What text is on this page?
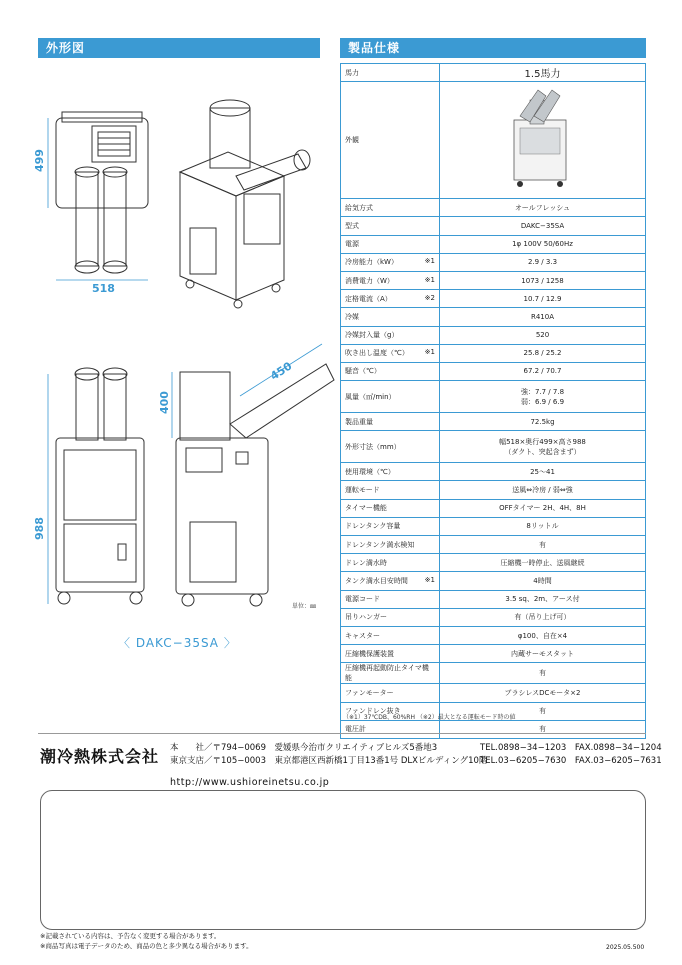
外形図	製品仕様
499
518
988
400
450
単位：㎜
〈 DAKC−35SA 〉
馬力	1.5馬力

外観	

給気方式	オールフレッシュ

型式	DAKC−35SA

電源	1φ 100V 50/60Hz

冷房能力（kW） ※1	2.9 / 3.3

消費電力（W） ※1	1073 / 1258

定格電流（A） ※2	10.7 / 12.9

冷媒	R410A

冷媒封入量（g）	520

吹き出し温度（℃） ※1	25.8 / 25.2

騒音（℃）	67.2 / 70.7

風量（㎥/min）	強：7.7 / 7.8
弱：6.9 / 6.9

製品重量	72.5kg

外形寸法（mm）	幅518×奥行499×高さ988
（ダクト、突起含まず）

使用環境（℃）	25〜41

運転モード	送風⇔冷房 / 弱⇔強

タイマー機能	OFFタイマー 2H、4H、8H

ドレンタンク容量	8リットル

ドレンタンク満水検知	有

ドレン満水時	圧縮機一時停止、送風継続

タンク満水目安時間 ※1	4時間

電源コード	3.5 sq、2m、アース付

吊りハンガー	有（吊り上げ可）

キャスター	φ100、自在×4

圧縮機保護装置	内蔵サーモスタット

圧縮機再起動防止タイマ機能	有

ファンモーター	ブラシレスDCモータ×2

ファンドレン抜き	有

電圧計	有
（※1）37℃DB、60%RH （※2）最大となる運転モード時の値
潮冷熱株式会社 本　　社／〒794−0069　愛媛県今治市クリエイティブヒルズ5番地3	TEL.0898−34−1203　FAX.0898−34−1204
東京支店／〒105−0003　東京都港区西新橋1丁目13番1号 DLXビルディング10階
TEL.03−6205−7630　FAX.03−6205−7631
http://www.ushioreinetsu.co.jp
※記載されている内容は、予告なく変更する場合があります。
※商品写真は電子データのため、商品の色と多少異なる場合があります。	2025.05.500
